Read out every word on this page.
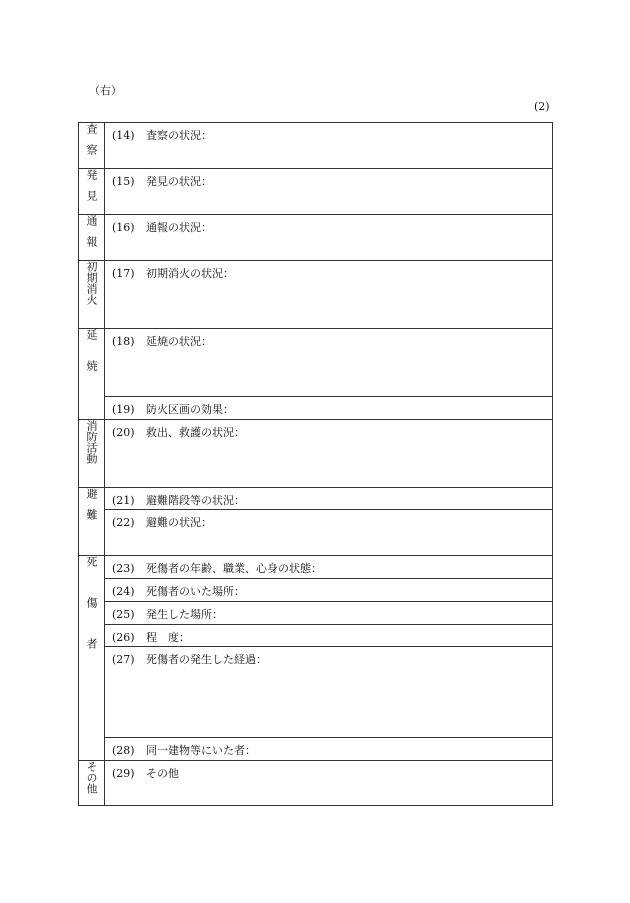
（右）
(2)
査察	(14) 査察の状況：

発見	(15) 発見の状況：

通報	(16) 通報の状況：

初期消火	(17) 初期消火の状況：

延焼	(18) 延焼の状況：

	(19) 防火区画の効果：

消防活動	(20) 救出、救護の状況：

避難	(21) 避難階段等の状況：

	(22) 避難の状況：

死傷者	(23) 死傷者の年齢、職業、心身の状態：

	(24) 死傷者のいた場所：

	(25) 発生した場所：

	(26) 程　度：

	(27) 死傷者の発生した経過：

	(28) 同一建物等にいた者：

その他	(29) その他
